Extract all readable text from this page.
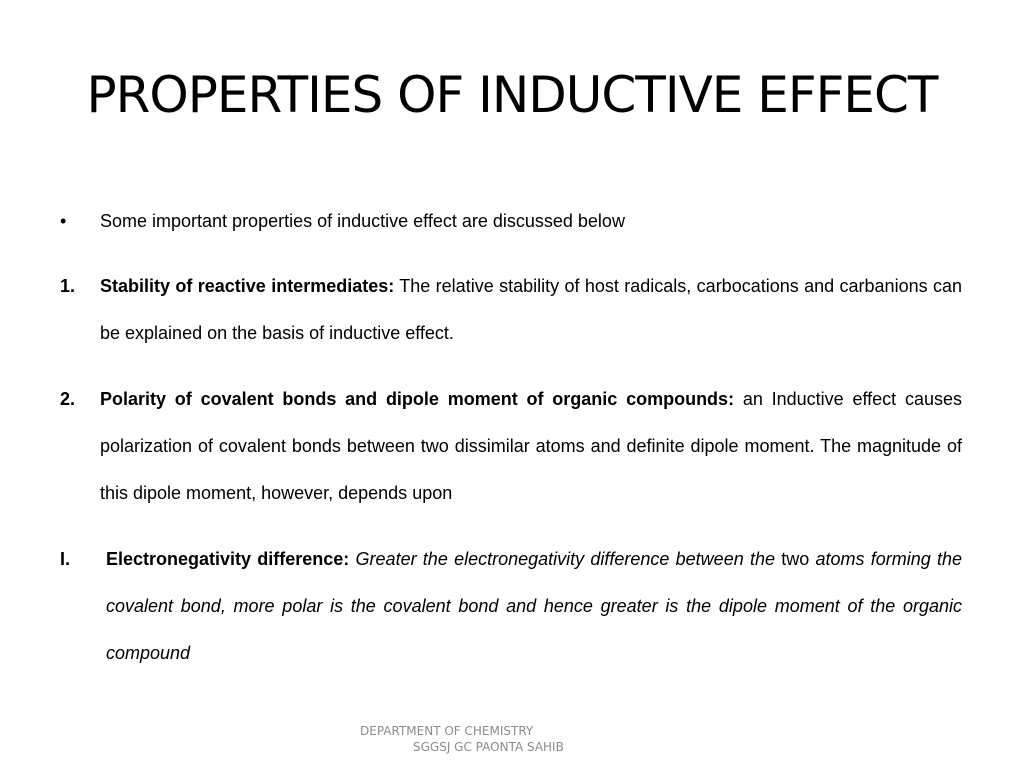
PROPERTIES OF INDUCTIVE EFFECT
• Some important properties of inductive effect are discussed below
1. Stability of reactive intermediates: The relative stability of host radicals, carbocations and carbanions can be explained on the basis of inductive effect.
2. Polarity of covalent bonds and dipole moment of organic compounds: an Inductive effect causes polarization of covalent bonds between two dissimilar atoms and definite dipole moment. The magnitude of this dipole moment, however, depends upon
I. Electronegativity difference: Greater the electronegativity difference between the two atoms forming the covalent bond, more polar is the covalent bond and hence greater is the dipole moment of the organic compound
DEPARTMENT OF CHEMISTRY
SGGSJ GC PAONTA SAHIB
